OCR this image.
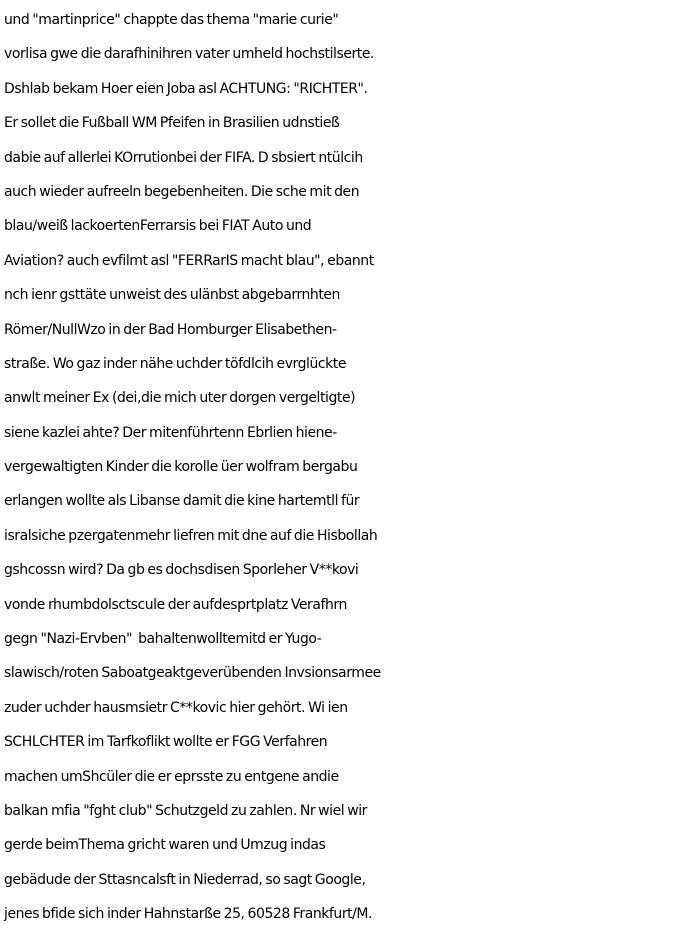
und "martinprice" chappte das thema "marie curie"

vorlisa gwe die darafhinihren vater umheld hochstilserte.

Dshlab bekam Hoer eien Joba asl ACHTUNG: "RICHTER".

Er sollet die Fußball WM Pfeifen in Brasilien udnstieß

dabie auf allerlei KOrrutionbei der FIFA. D sbsiert ntülcih

auch wieder aufreeln begebenheiten. Die sche mit den

blau/weiß lackoertenFerrarsis bei FIAT Auto und

Aviation? auch evfilmt asl "FERRarIS macht blau", ebannt

nch ienr gsttäte unweist des ulänbst abgebarrnhten

Römer/NullWzo in der Bad Homburger Elisabethen-

straße. Wo gaz inder nähe uchder töfdlcih evrglückte

anwlt meiner Ex (dei,die mich uter dorgen vergeltigte)

siene kazlei ahte? Der mitenführtenn Ebrlien hiene-

vergewaltigten Kinder die korolle üer wolfram bergabu

erlangen wollte als Libanse damit die kine hartemtll für

isralsiche pzergatenmehr liefren mit dne auf die Hisbollah

gshcossn wird? Da gb es dochsdisen Sporleher V**kovi

vonde rhumbdolsctscule der aufdesprtplatz Verafhrn

gegn "Nazi-Ervben"  bahaltenwolltemitd er Yugo-

slawisch/roten Saboatgeaktgeverübenden Invsionsarmee

zuder uchder hausmsietr C**kovic hier gehört. Wi ien

SCHLCHTER im Tarfkoflikt wollte er FGG Verfahren

machen umShcüler die er eprsste zu entgene andie

balkan mfia "fght club" Schutzgeld zu zahlen. Nr wiel wir

gerde beimThema gricht waren und Umzug indas

gebädude der Sttasncalsft in Niederrad, so sagt Google,

jenes bfide sich inder Hahnstarße 25, 60528 Frankfurt/M.
